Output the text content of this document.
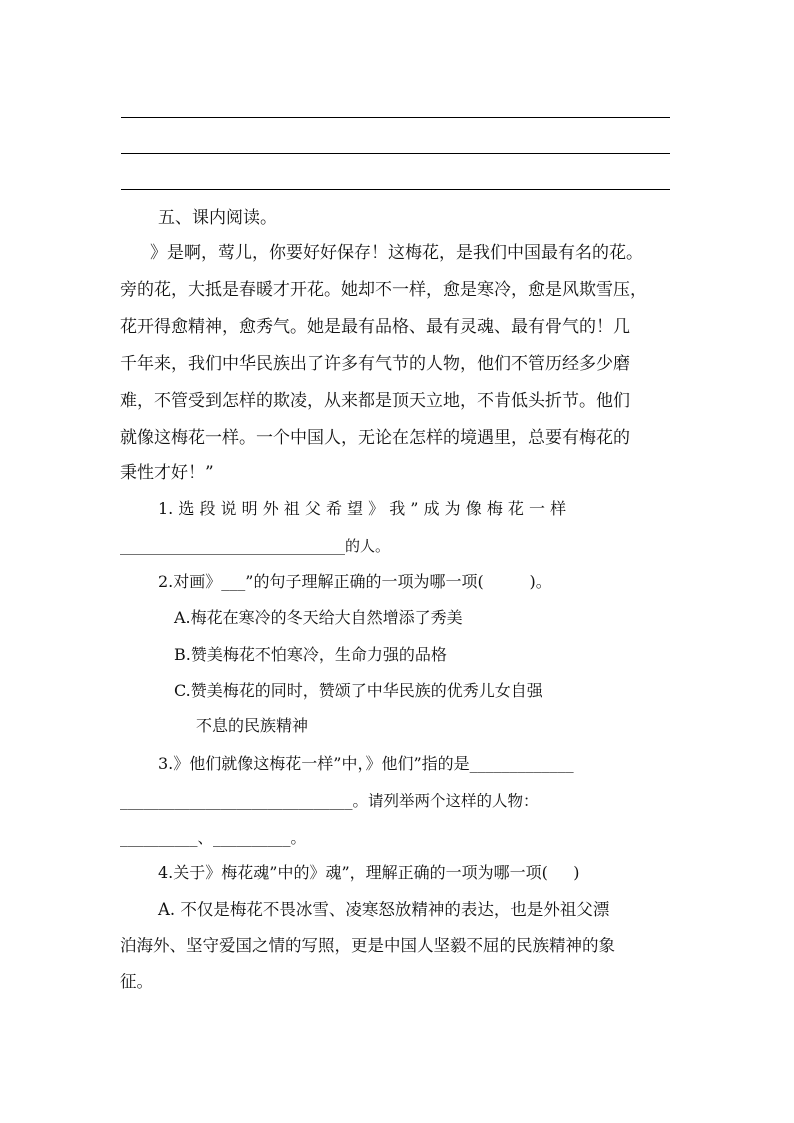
五、课内阅读。
》是啊，莺儿，你要好好保存！这梅花，是我们中国最有名的花。
旁的花，大抵是春暖才开花。她却不一样，愈是寒冷，愈是风欺雪压，
花开得愈精神，愈秀气。她是最有品格、最有灵魂、最有骨气的！几
千年来，我们中华民族出了许多有气节的人物，他们不管历经多少磨
难，不管受到怎样的欺凌，从来都是顶天立地，不肯低头折节。他们
就像这梅花一样。一个中国人，无论在怎样的境遇里，总要有梅花的
秉性才好！”
1. 选 段 说 明 外 祖 父 希 望 》 我 ” 成 为 像 梅 花 一 样
______________________________的人。
2.对画》___”的句子理解正确的一项为哪一项(         )。
A.梅花在寒冷的冬天给大自然增添了秀美
B.赞美梅花不怕寒冷，生命力强的品格
C.赞美梅花的同时，赞颂了中华民族的优秀儿女自强
不息的民族精神
3.》他们就像这梅花一样”中，》他们”指的是_____________
______________________________。请列举两个这样的人物：
__________、__________。
4.关于》梅花魂”中的》魂”，理解正确的一项为哪一项(     )
A. 不仅是梅花不畏冰雪、凌寒怒放精神的表达，也是外祖父漂
泊海外、坚守爱国之情的写照，更是中国人坚毅不屈的民族精神的象
征。
